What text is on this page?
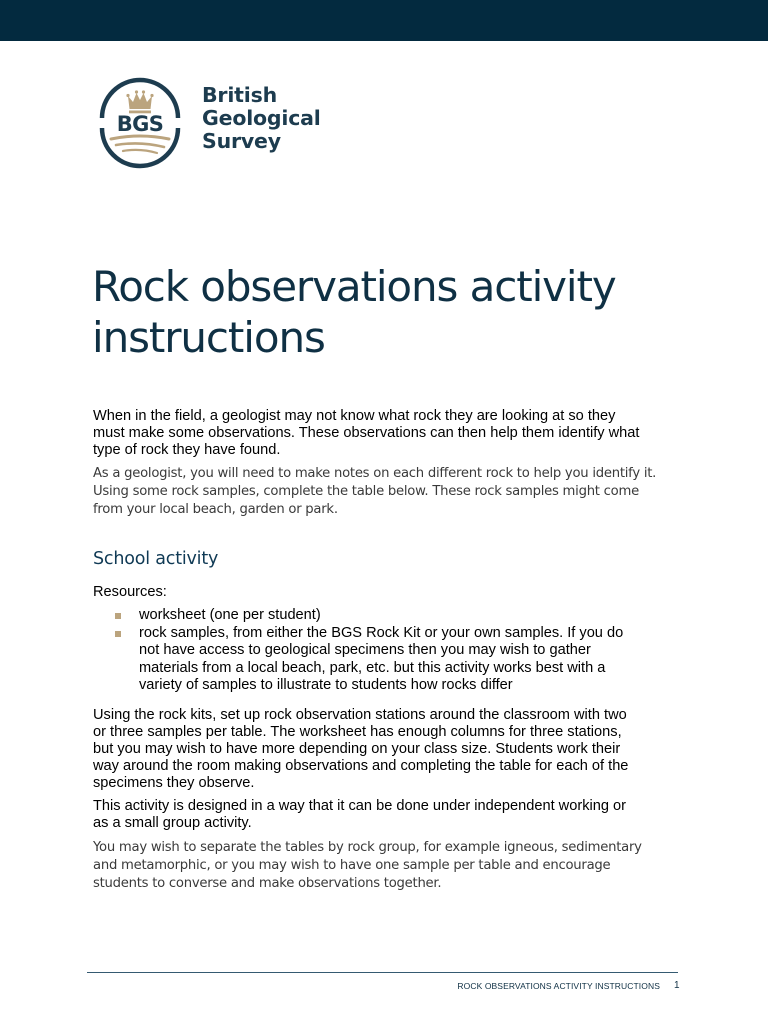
BGS
British
Geological
Survey
Rock observations activity
instructions

When in the field, a geologist may not know what rock they are looking at so they
must make some observations. These observations can then help them identify what
type of rock they have found.

As a geologist, you will need to make notes on each different rock to help you identify it.
Using some rock samples, complete the table below. These rock samples might come
from your local beach, garden or park.

School activity

Resources:

worksheet (one per student)
rock samples, from either the BGS Rock Kit or your own samples. If you do
not have access to geological specimens then you may wish to gather
materials from a local beach, park, etc. but this activity works best with a
variety of samples to illustrate to students how rocks differ

Using the rock kits, set up rock observation stations around the classroom with two
or three samples per table. The worksheet has enough columns for three stations,
but you may wish to have more depending on your class size. Students work their
way around the room making observations and completing the table for each of the
specimens they observe.

This activity is designed in a way that it can be done under independent working or
as a small group activity.

You may wish to separate the tables by rock group, for example igneous, sedimentary
and metamorphic, or you may wish to have one sample per table and encourage
students to converse and make observations together.

ROCK OBSERVATIONS ACTIVITY INSTRUCTIONS 1
